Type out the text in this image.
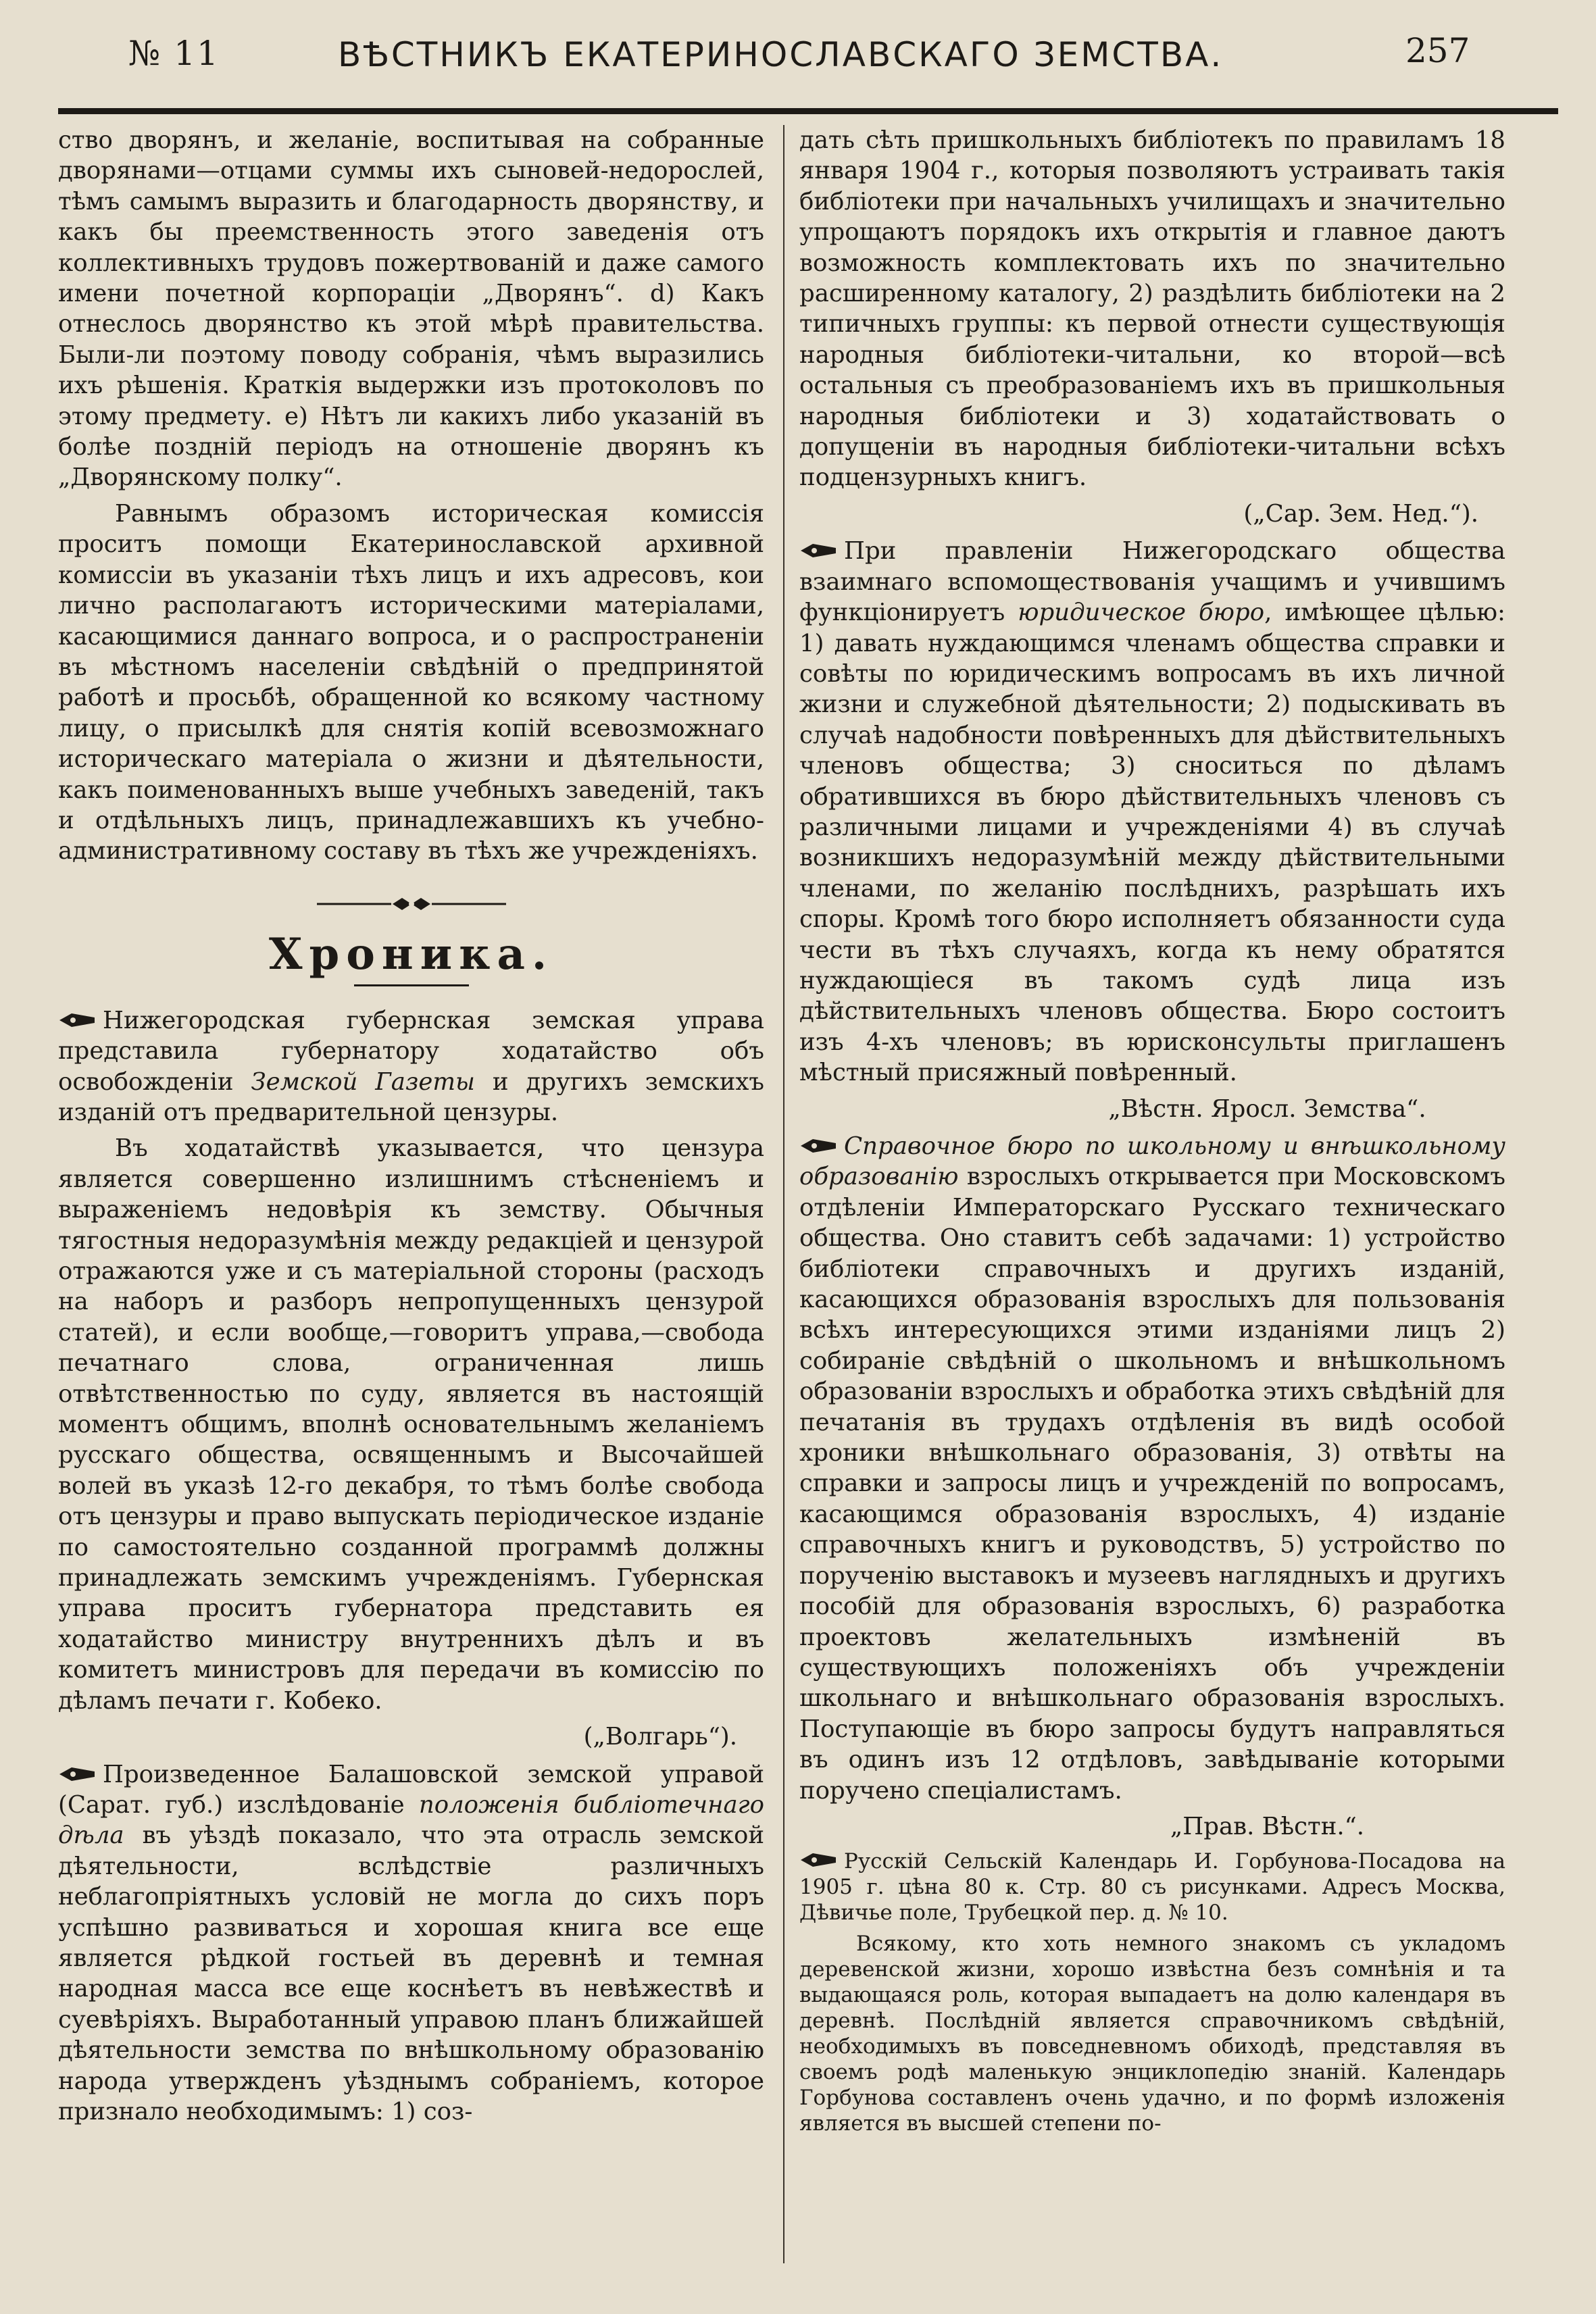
№ 11	ВѢСТНИКЪ ЕКАТЕРИНОСЛАВСКАГО ЗЕМСТВА.	257

ство дворянъ, и желаніе, воспитывая на собранные дворянами—отцами суммы ихъ сыновей-недорослей, тѣмъ самымъ выразить и благодарность дворянству, и какъ бы преемственность этого заведенія отъ коллективныхъ трудовъ пожертвованій и даже самого имени почетной корпораціи „Дворянъ“. d) Какъ отнеслось дворянство къ этой мѣрѣ правительства. Были-ли поэтому поводу собранія, чѣмъ выразились ихъ рѣшенія. Краткія выдержки изъ протоколовъ по этому предмету. e) Нѣтъ ли какихъ либо указаній въ болѣе поздній періодъ на отношеніе дворянъ къ „Дворянскому полку“.

Равнымъ образомъ историческая комиссія проситъ помощи Екатеринославской архивной комиссіи въ указаніи тѣхъ лицъ и ихъ адресовъ, кои лично располагаютъ историческими матеріалами, касающимися даннаго вопроса, и о распространеніи въ мѣстномъ населеніи свѣдѣній о предпринятой работѣ и просьбѣ, обращенной ко всякому частному лицу, о присылкѣ для снятія копій всевозможнаго историческаго матеріала о жизни и дѣятельности, какъ поименованныхъ выше учебныхъ заведеній, такъ и отдѣльныхъ лицъ, принадлежавшихъ къ учебно-административному составу въ тѣхъ же учрежденіяхъ.

Хроника.

Нижегородская губернская земская управа представила губернатору ходатайство объ освобожденіи Земской Газеты и другихъ земскихъ изданій отъ предварительной цензуры.

Въ ходатайствѣ указывается, что цензура является совершенно излишнимъ стѣсненіемъ и выраженіемъ недовѣрія къ земству. Обычныя тягостныя недоразумѣнія между редакціей и цензурой отражаются уже и съ матеріальной стороны (расходъ на наборъ и разборъ непропущенныхъ цензурой статей), и если вообще,—говоритъ управа,—свобода печатнаго слова, ограниченная лишь отвѣтственностью по суду, является въ настоящій моментъ общимъ, вполнѣ основательнымъ желаніемъ русскаго общества, освященнымъ и Высочайшей волей въ указѣ 12-го декабря, то тѣмъ болѣе свобода отъ цензуры и право выпускать періодическое изданіе по самостоятельно созданной программѣ должны принадлежать земскимъ учрежденіямъ. Губернская управа проситъ губернатора представить ея ходатайство министру внутреннихъ дѣлъ и въ комитетъ министровъ для передачи въ комиссію по дѣламъ печати г. Кобеко.

(„Волгарь“).

Произведенное Балашовской земской управой (Сарат. губ.) изслѣдованіе положенія библіотечнаго дѣла въ уѣздѣ показало, что эта отрасль земской дѣятельности, вслѣдствіе различныхъ неблагопріятныхъ условій не могла до сихъ поръ успѣшно развиваться и хорошая книга все еще является рѣдкой гостьей въ деревнѣ и темная народная масса все еще коснѣетъ въ невѣжествѣ и суевѣріяхъ. Выработанный управою планъ ближайшей дѣятельности земства по внѣшкольному образованію народа утвержденъ уѣзднымъ собраніемъ, которое признало необходимымъ: 1) соз-

дать сѣть пришкольныхъ библіотекъ по правиламъ 18 января 1904 г., которыя позволяютъ устраивать такія библіотеки при начальныхъ училищахъ и значительно упрощаютъ порядокъ ихъ открытія и главное даютъ возможность комплектовать ихъ по значительно расширенному каталогу, 2) раздѣлить библіотеки на 2 типичныхъ группы: къ первой отнести существующія народныя библіотеки-читальни, ко второй—всѣ остальныя съ преобразованіемъ ихъ въ пришкольныя народныя библіотеки и 3) ходатайствовать о допущеніи въ народныя библіотеки-читальни всѣхъ подцензурныхъ книгъ.

(„Сар. Зем. Нед.“).

При правленіи Нижегородскаго общества взаимнаго вспомоществованія учащимъ и учившимъ функціонируетъ юридическое бюро, имѣющее цѣлью: 1) давать нуждающимся членамъ общества справки и совѣты по юридическимъ вопросамъ въ ихъ личной жизни и служебной дѣятельности; 2) подыскивать въ случаѣ надобности повѣренныхъ для дѣйствительныхъ членовъ общества; 3) сноситься по дѣламъ обратившихся въ бюро дѣйствительныхъ членовъ съ различными лицами и учрежденіями 4) въ случаѣ возникшихъ недоразумѣній между дѣйствительными членами, по желанію послѣднихъ, разрѣшать ихъ споры. Кромѣ того бюро исполняетъ обязанности суда чести въ тѣхъ случаяхъ, когда къ нему обратятся нуждающіеся въ такомъ судѣ лица изъ дѣйствительныхъ членовъ общества. Бюро состоитъ изъ 4-хъ членовъ; въ юрисконсульты приглашенъ мѣстный присяжный повѣренный.

„Вѣстн. Яросл. Земства“.

Справочное бюро по школьному и внѣшкольному образованію взрослыхъ открывается при Московскомъ отдѣленіи Императорскаго Русскаго техническаго общества. Оно ставитъ себѣ задачами: 1) устройство библіотеки справочныхъ и другихъ изданій, касающихся образованія взрослыхъ для пользованія всѣхъ интересующихся этими изданіями лицъ 2) собираніе свѣдѣній о школьномъ и внѣшкольномъ образованіи взрослыхъ и обработка этихъ свѣдѣній для печатанія въ трудахъ отдѣленія въ видѣ особой хроники внѣшкольнаго образованія, 3) отвѣты на справки и запросы лицъ и учрежденій по вопросамъ, касающимся образованія взрослыхъ, 4) изданіе справочныхъ книгъ и руководствъ, 5) устройство по порученію выставокъ и музеевъ наглядныхъ и другихъ пособій для образованія взрослыхъ, 6) разработка проектовъ желательныхъ измѣненій въ существующихъ положеніяхъ объ учрежденіи школьнаго и внѣшкольнаго образованія взрослыхъ. Поступающіе въ бюро запросы будутъ направляться въ одинъ изъ 12 отдѣловъ, завѣдываніе которыми поручено спеціалистамъ.

„Прав. Вѣстн.“.

Русскій Сельскій Календарь И. Горбунова-Посадова на 1905 г. цѣна 80 к. Стр. 80 съ рисунками. Адресъ Москва, Дѣвичье поле, Трубецкой пер. д. № 10.

Всякому, кто хоть немного знакомъ съ укладомъ деревенской жизни, хорошо извѣстна безъ сомнѣнія и та выдающаяся роль, которая выпадаетъ на долю календаря въ деревнѣ. Послѣдній является справочникомъ свѣдѣній, необходимыхъ въ повседневномъ обиходѣ, представляя въ своемъ родѣ маленькую энциклопедію знаній. Календарь Горбунова составленъ очень удачно, и по формѣ изложенія является въ высшей степени по-
